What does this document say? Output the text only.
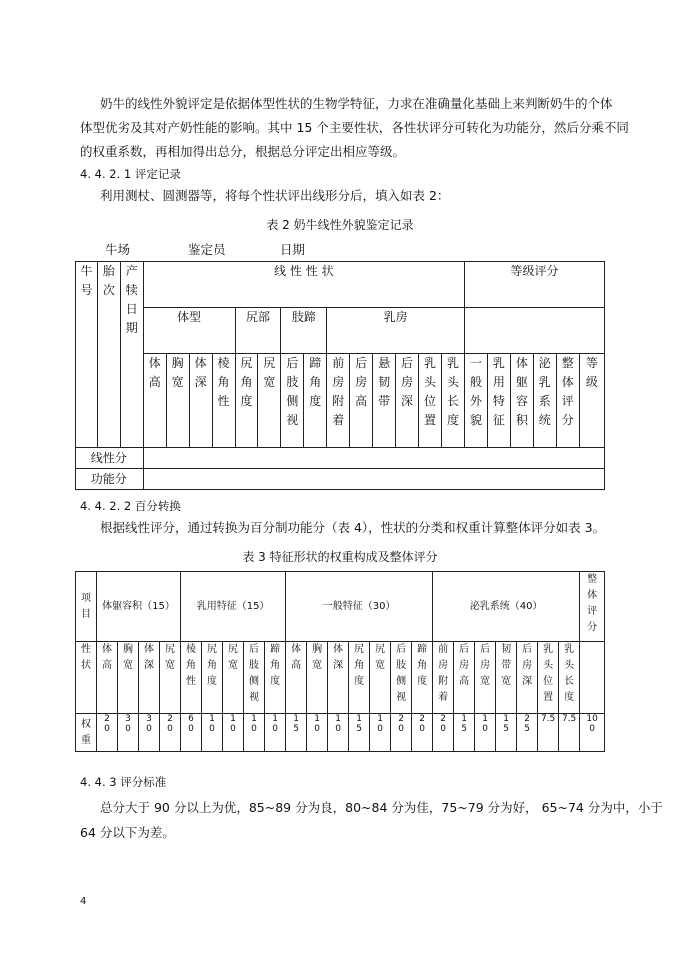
奶牛的线性外貌评定是依据体型性状的生物学特征，力求在准确量化基础上来判断奶牛的个体
体型优劣及其对产奶性能的影响。其中 15 个主要性状，各性状评分可转化为功能分，然后分乘不同
的权重系数，再相加得出总分，根据总分评定出相应等级。
4. 4. 2. 1 评定记录
利用测杖、圆测器等，将每个性状评出线形分后，填入如表 2：
表 2 奶牛线性外貌鉴定记录
牛场	鉴定员	日期
牛号	胎次	产犊日期	线 性 性 状														等级评分					
			体型				尻部		肢蹄		乳房											
			体高	胸宽	体深	棱角性	尻角度	尻宽	后肢侧视	蹄角度	前房附着	后房高	悬韧带	后房深	乳头位置	乳头长度	一般外貌	乳用特征	体躯容积	泌乳系统	整体评分	等级
线性分																						
功能分																						
4. 4. 2. 2 百分转换
根据线性评分，通过转换为百分制功能分（表 4），性状的分类和权重计算整体评分如表 3。
表 3 特征形状的权重构成及整体评分
项目	体躯容积（15）				乳用特征（15）					一般特征（30）							泌乳系统（40）							整体评分

性状	体高	胸宽	体深	尻宽	棱角性	尻角度	尻宽	后肢侧视	蹄角度	体高	胸宽	体深	尻角度	尻宽	后肢侧视	蹄角度	前房附着	后房高	后房宽	韧带宽	后房深	乳头位置	乳头长度	
权重	20	30	30	20	60	10	10	10	10	15	10	10	15	10	20	20	20	15	10	15	25	7.5	7.5	100
4. 4. 3 评分标准
总分大于 90 分以上为优，85~89 分为良，80~84 分为佳，75~79 分为好， 65~74 分为中，小于
64 分以下为差。
4
